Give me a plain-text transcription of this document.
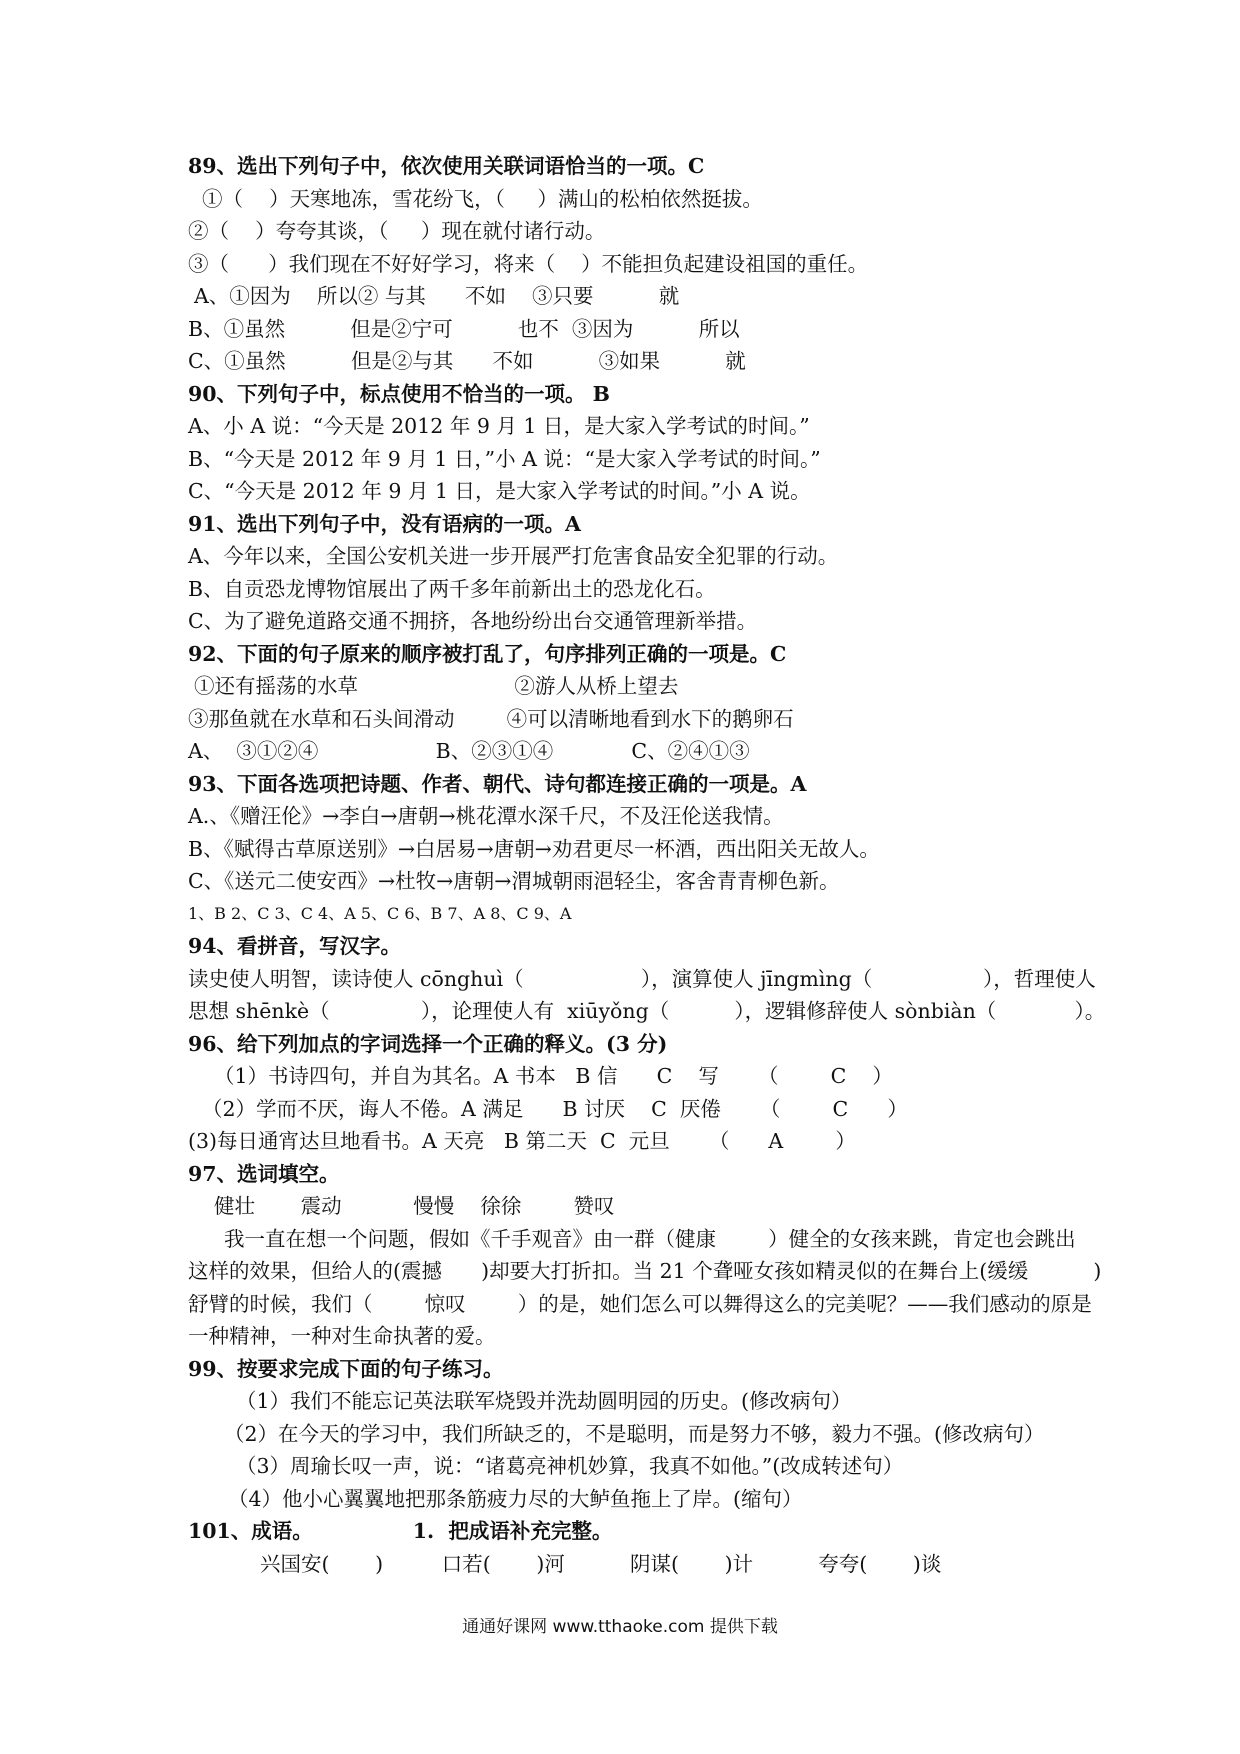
89、选出下列句子中，依次使用关联词语恰当的一项。C
①（    ）天寒地冻，雪花纷飞，（     ）满山的松柏依然挺拔。
②（    ）夸夸其谈，（     ）现在就付诸行动。
③（      ）我们现在不好好学习，将来（    ）不能担负起建设祖国的重任。
A、①因为    所以② 与其      不如    ③只要          就
B、①虽然          但是②宁可          也不  ③因为          所以
C、①虽然          但是②与其      不如          ③如果          就
90、下列句子中，标点使用不恰当的一项。 B
A、小 A 说：“今天是 2012 年 9 月 1 日，是大家入学考试的时间。”
B、“今天是 2012 年 9 月 1 日，”小 A 说：“是大家入学考试的时间。”
C、“今天是 2012 年 9 月 1 日，是大家入学考试的时间。”小 A 说。
91、选出下列句子中，没有语病的一项。A
A、今年以来，全国公安机关进一步开展严打危害食品安全犯罪的行动。
B、自贡恐龙博物馆展出了两千多年前新出土的恐龙化石。
C、为了避免道路交通不拥挤，各地纷纷出台交通管理新举措。
92、下面的句子原来的顺序被打乱了，句序排列正确的一项是。C
①还有摇荡的水草                        ②游人从桥上望去
③那鱼就在水草和石头间滑动        ④可以清晰地看到水下的鹅卵石
A、  ③①②④                  B、②③①④            C、②④①③
93、下面各选项把诗题、作者、朝代、诗句都连接正确的一项是。A
A.、《赠汪伦》→李白→唐朝→桃花潭水深千尺，不及汪伦送我情。
B、《赋得古草原送别》→白居易→唐朝→劝君更尽一杯酒，西出阳关无故人。
C、《送元二使安西》→杜牧→唐朝→渭城朝雨浥轻尘，客舍青青柳色新。
1、B 2、C 3、C 4、A 5、C 6、B 7、A 8、C 9、A
94、看拼音，写汉字。
读史使人明智，读诗使人 cōnghuì（                  ），演算使人 jīngmìng（                 ），哲理使人
思想 shēnkè（              ），论理使人有  xiūyǒng（          ），逻辑修辞使人 sònbiàn（            ）。
96、给下列加点的字词选择一个正确的释义。(3 分)
（1）书诗四句，并自为其名。A 书本   B 信      C    写      （        C    ）
（2）学而不厌，诲人不倦。A 满足      B 讨厌    C  厌倦      （        C      ）
(3)每日通宵达旦地看书。A 天亮   B 第二天  C  元旦      （      A        ）
97、选词填空。
健壮       震动           慢慢    徐徐        赞叹
我一直在想一个问题，假如《千手观音》由一群（健康        ）健全的女孩来跳，肯定也会跳出
这样的效果，但给人的(震撼      )却要大打折扣。当 21 个聋哑女孩如精灵似的在舞台上(缓缓          )
舒臂的时候，我们（        惊叹        ）的是，她们怎么可以舞得这么的完美呢？——我们感动的原是
一种精神，一种对生命执著的爱。
99、按要求完成下面的句子练习。
（1）我们不能忘记英法联军烧毁并洗劫圆明园的历史。(修改病句）
（2）在今天的学习中，我们所缺乏的，不是聪明，而是努力不够，毅力不强。(修改病句）
（3）周瑜长叹一声，说：“诸葛亮神机妙算，我真不如他。”(改成转述句）
（4）他小心翼翼地把那条筋疲力尽的大鲈鱼拖上了岸。(缩句）
101、成语。              1.  把成语补充完整。
兴国安(       )         口若(       )河          阴谋(       )计          夸夸(       )谈
通通好课网 www.tthaoke.com 提供下载
